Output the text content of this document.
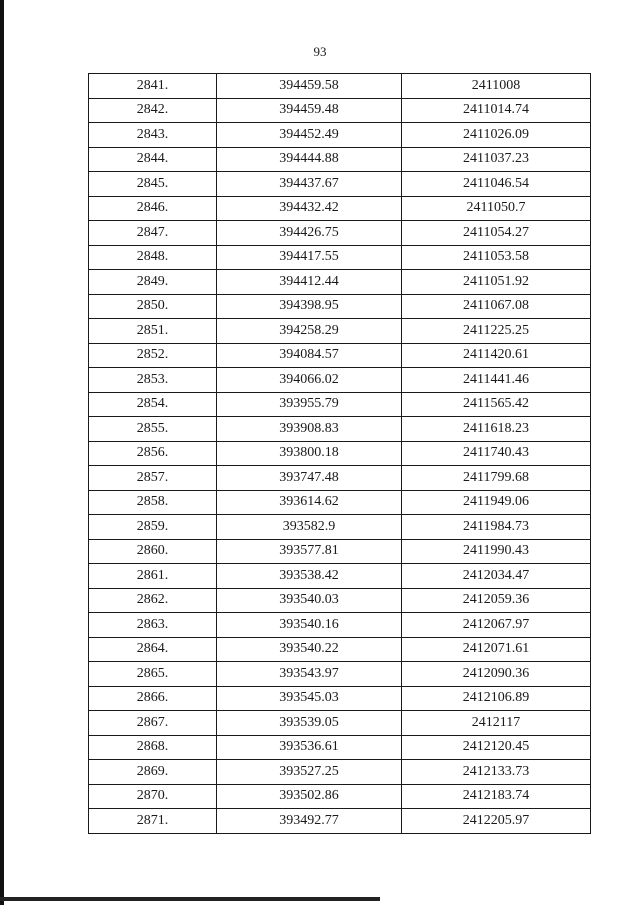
93
2841.	394459.58	2411008
2842.	394459.48	2411014.74
2843.	394452.49	2411026.09
2844.	394444.88	2411037.23
2845.	394437.67	2411046.54
2846.	394432.42	2411050.7
2847.	394426.75	2411054.27
2848.	394417.55	2411053.58
2849.	394412.44	2411051.92
2850.	394398.95	2411067.08
2851.	394258.29	2411225.25
2852.	394084.57	2411420.61
2853.	394066.02	2411441.46
2854.	393955.79	2411565.42
2855.	393908.83	2411618.23
2856.	393800.18	2411740.43
2857.	393747.48	2411799.68
2858.	393614.62	2411949.06
2859.	393582.9	2411984.73
2860.	393577.81	2411990.43
2861.	393538.42	2412034.47
2862.	393540.03	2412059.36
2863.	393540.16	2412067.97
2864.	393540.22	2412071.61
2865.	393543.97	2412090.36
2866.	393545.03	2412106.89
2867.	393539.05	2412117
2868.	393536.61	2412120.45
2869.	393527.25	2412133.73
2870.	393502.86	2412183.74
2871.	393492.77	2412205.97
